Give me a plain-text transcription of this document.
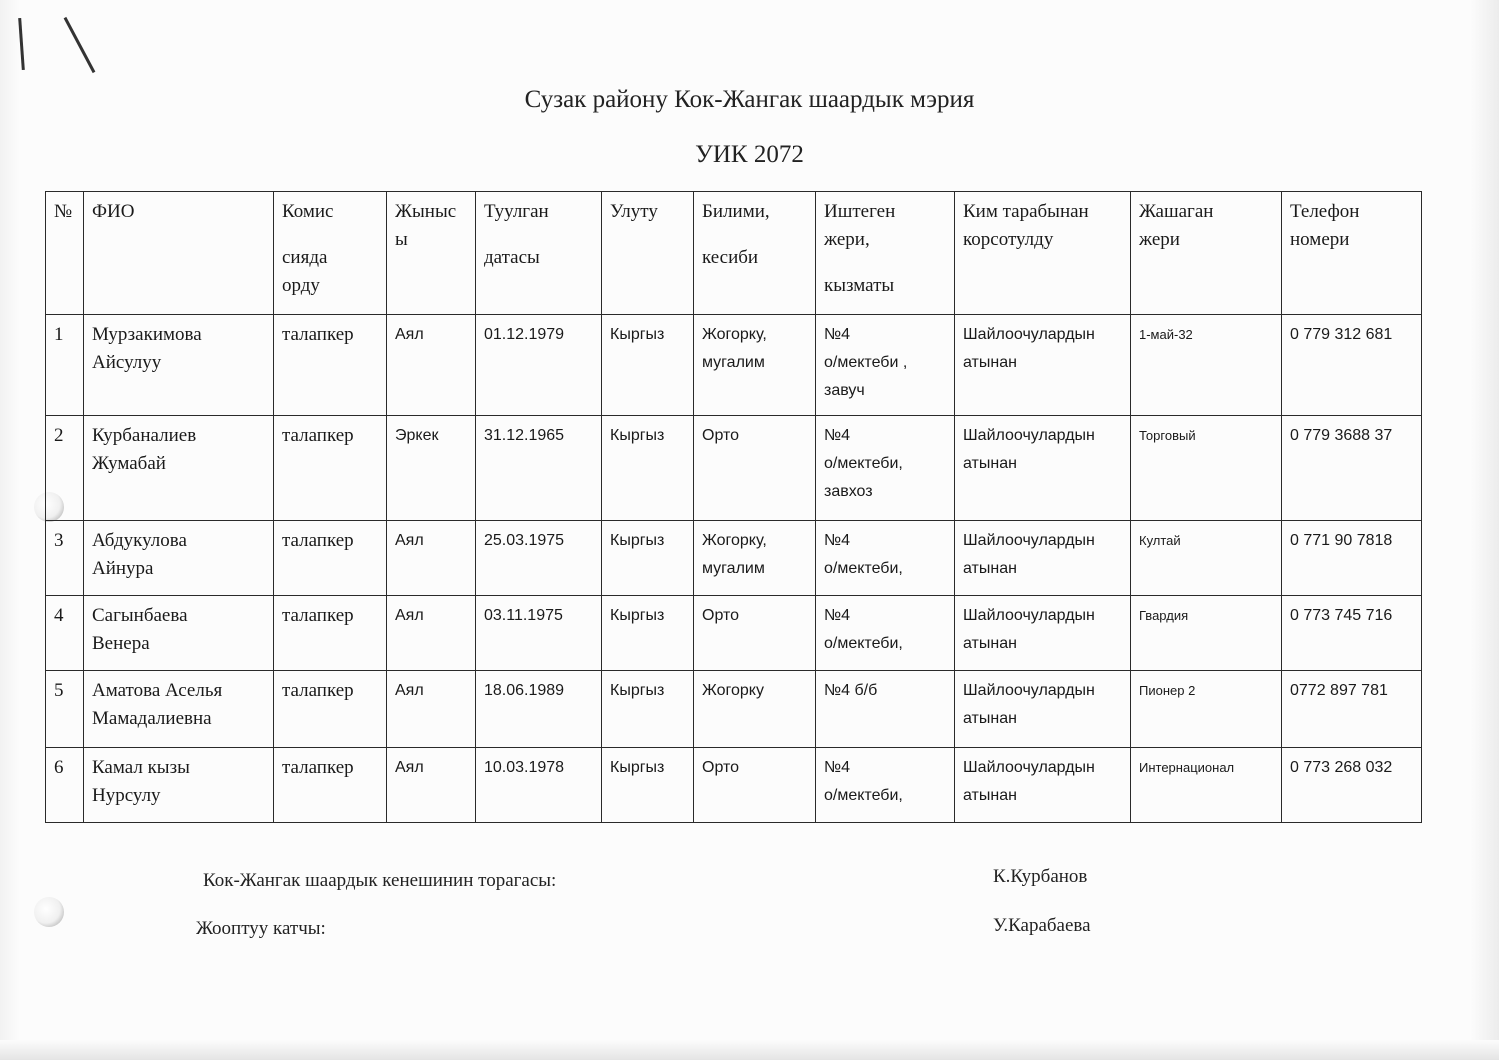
Сузак району Кок-Жангак шаардык мэрия
УИК 2072
№	ФИО	Комис
сияда
орду	Жыныс
ы	Туулган
датасы	Улуту	Билими,
кесиби	Иштеген
жери,
кызматы	Ким тарабынан
корсотулду	Жашаган
жери	Телефон
номери

1	Мурзакимова
Айсулуу	талапкер	Аял	01.12.1979	Кыргыз	Жогорку,
мугалим	№4
о/мектеби ,
завуч	Шайлоочулардын
атынан	1-май-32	0 779 312 681
2	Курбаналиев
Жумабай	талапкер	Эркек	31.12.1965	Кыргыз	Орто	№4
о/мектеби,
завхоз	Шайлоочулардын
атынан	Торговый	0 779 3688 37
3	Абдукулова
Айнура	талапкер	Аял	25.03.1975	Кыргыз	Жогорку,
мугалим	№4
о/мектеби,	Шайлоочулардын
атынан	Култай	0 771 90 7818
4	Сагынбаева
Венера	талапкер	Аял	03.11.1975	Кыргыз	Орто	№4
о/мектеби,	Шайлоочулардын
атынан	Гвардия	0 773 745 716
5	Аматова Аселья
Мамадалиевна	талапкер	Аял	18.06.1989	Кыргыз	Жогорку	№4 б/б	Шайлоочулардын
атынан	Пионер 2	0772 897 781
6	Камал кызы
Нурсулу	талапкер	Аял	10.03.1978	Кыргыз	Орто	№4
о/мектеби,	Шайлоочулардын
атынан	Интернационал	0 773 268 032
Кок-Жангак шаардык кенешинин торагасы:	К.Курбанов
Жооптуу катчы:	У.Карабаева
